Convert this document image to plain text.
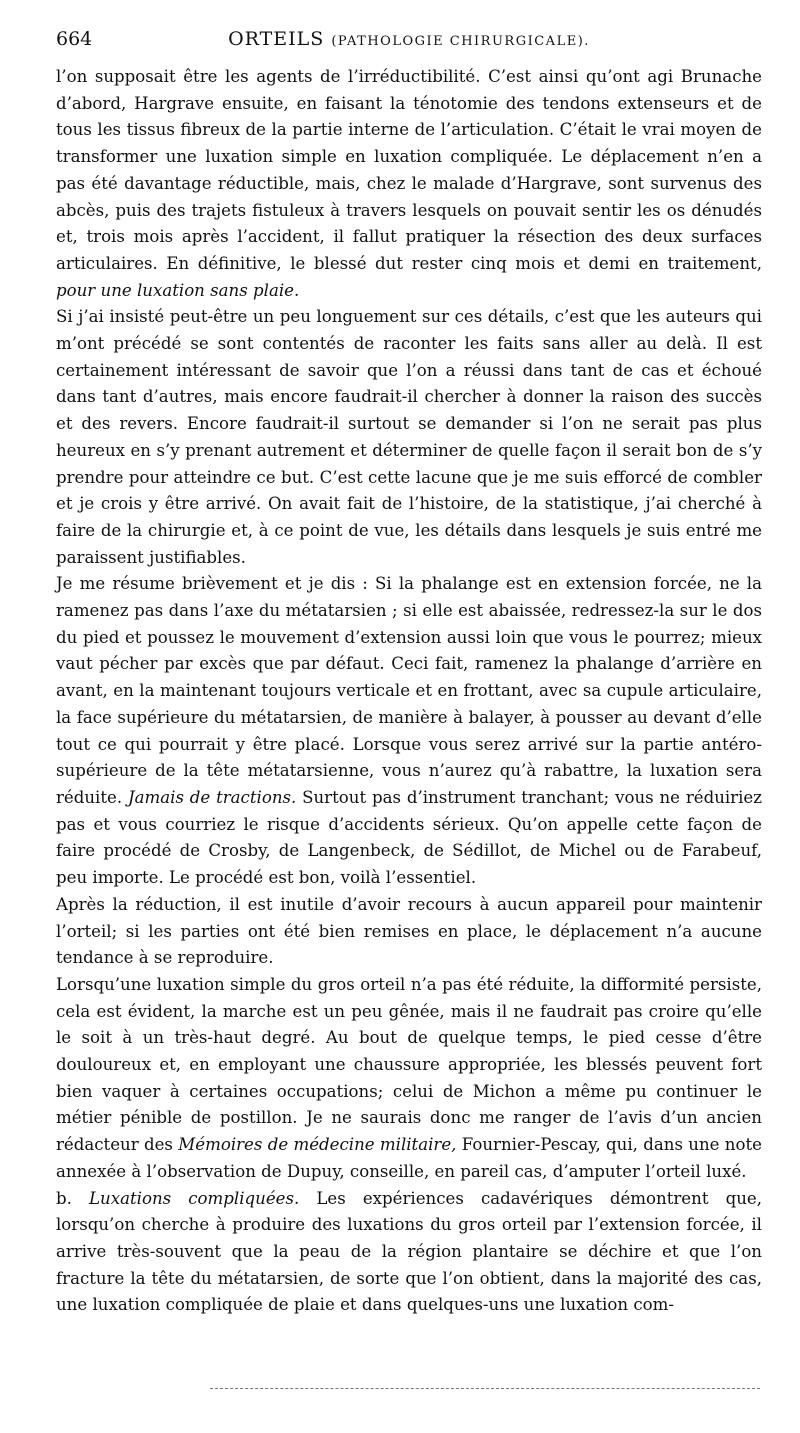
664	ORTEILS (PATHOLOGIE CHIRURGICALE).

l’on supposait être les agents de l’irréductibilité. C’est ainsi qu’ont agi Brunache d’abord, Hargrave ensuite, en faisant la ténotomie des tendons extenseurs et de tous les tissus fibreux de la partie interne de l’articulation. C’était le vrai moyen de transformer une luxation simple en luxation compliquée. Le déplacement n’en a pas été davantage réductible, mais, chez le malade d’Hargrave, sont survenus des abcès, puis des trajets fistuleux à travers lesquels on pouvait sentir les os dénudés et, trois mois après l’accident, il fallut pratiquer la résection des deux surfaces articulaires. En définitive, le blessé dut rester cinq mois et demi en traitement, pour une luxation sans plaie.

Si j’ai insisté peut-être un peu longuement sur ces détails, c’est que les auteurs qui m’ont précédé se sont contentés de raconter les faits sans aller au delà. Il est certainement intéressant de savoir que l’on a réussi dans tant de cas et échoué dans tant d’autres, mais encore faudrait-il chercher à donner la raison des succès et des revers. Encore faudrait-il surtout se demander si l’on ne serait pas plus heureux en s’y prenant autrement et déterminer de quelle façon il serait bon de s’y prendre pour atteindre ce but. C’est cette lacune que je me suis efforcé de combler et je crois y être arrivé. On avait fait de l’histoire, de la statistique, j’ai cherché à faire de la chirurgie et, à ce point de vue, les détails dans lesquels je suis entré me paraissent justifiables.

Je me résume brièvement et je dis : Si la phalange est en extension forcée, ne la ramenez pas dans l’axe du métatarsien ; si elle est abaissée, redressez-la sur le dos du pied et poussez le mouvement d’extension aussi loin que vous le pourrez; mieux vaut pécher par excès que par défaut. Ceci fait, ramenez la phalange d’arrière en avant, en la maintenant toujours verticale et en frottant, avec sa cupule articulaire, la face supérieure du métatarsien, de manière à balayer, à pousser au devant d’elle tout ce qui pourrait y être placé. Lorsque vous serez arrivé sur la partie antéro-supérieure de la tête métatarsienne, vous n’aurez qu’à rabattre, la luxation sera réduite. Jamais de tractions. Surtout pas d’instrument tranchant; vous ne réduiriez pas et vous courriez le risque d’accidents sérieux. Qu’on appelle cette façon de faire procédé de Crosby, de Langenbeck, de Sédillot, de Michel ou de Farabeuf, peu importe. Le procédé est bon, voilà l’essentiel.

Après la réduction, il est inutile d’avoir recours à aucun appareil pour maintenir l’orteil; si les parties ont été bien remises en place, le déplacement n’a aucune tendance à se reproduire.

Lorsqu’une luxation simple du gros orteil n’a pas été réduite, la difformité persiste, cela est évident, la marche est un peu gênée, mais il ne faudrait pas croire qu’elle le soit à un très-haut degré. Au bout de quelque temps, le pied cesse d’être douloureux et, en employant une chaussure appropriée, les blessés peuvent fort bien vaquer à certaines occupations; celui de Michon a même pu continuer le métier pénible de postillon. Je ne saurais donc me ranger de l’avis d’un ancien rédacteur des Mémoires de médecine militaire, Fournier-Pescay, qui, dans une note annexée à l’observation de Dupuy, conseille, en pareil cas, d’amputer l’orteil luxé.

b. Luxations compliquées. Les expériences cadavériques démontrent que, lorsqu’on cherche à produire des luxations du gros orteil par l’extension forcée, il arrive très-souvent que la peau de la région plantaire se déchire et que l’on fracture la tête du métatarsien, de sorte que l’on obtient, dans la majorité des cas, une luxation compliquée de plaie et dans quelques-uns une luxation com-
